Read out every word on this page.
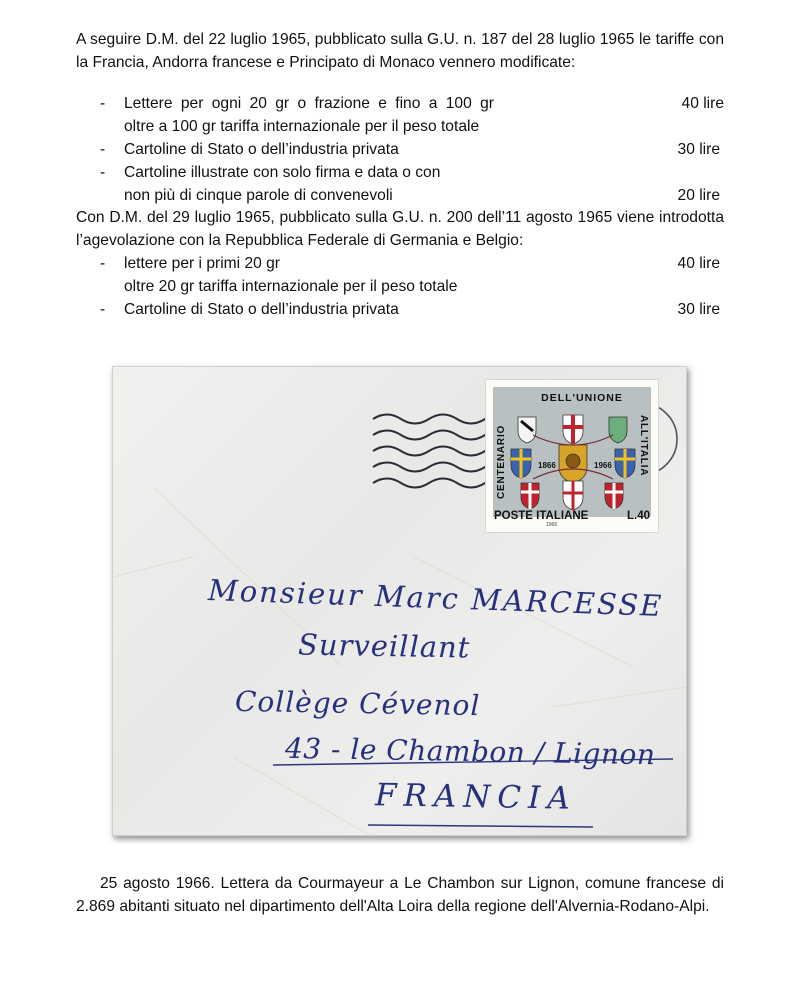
A seguire D.M. del 22 luglio 1965, pubblicato sulla G.U. n. 187 del 28 luglio 1965 le tariffe con la Francia, Andorra francese e Principato di Monaco vennero modificate:

- Lettere per ogni 20 gr o frazione e fino a 100 gr	40 lire
oltre a 100 gr tariffa internazionale per il peso totale
- Cartoline di Stato o dell’industria privata	30 lire
- Cartoline illustrate con solo firma e data o con
non più di cinque parole di convenevoli	20 lire

Con D.M. del 29 luglio 1965, pubblicato sulla G.U. n. 200 dell’11 agosto 1965 viene introdotta l’agevolazione con la Repubblica Federale di Germania e Belgio:

- lettere per i primi 20 gr	40 lire
oltre 20 gr tariffa internazionale per il peso totale
- Cartoline di Stato o dell’industria privata	30 lire
DELL'UNIONE
CENTENARIO	ALL'ITALIA
1866	1966
POSTE ITALIANE	L.40
1966
Monsieur Marc MARCESSE
Surveillant
Collège Cévenol
43 - le Chambon / Lignon
FRANCIA

25 agosto 1966. Lettera da Courmayeur a Le Chambon sur Lignon, comune francese di 2.869 abitanti situato nel dipartimento dell'Alta Loira della regione dell'Alvernia-Rodano-Alpi.
